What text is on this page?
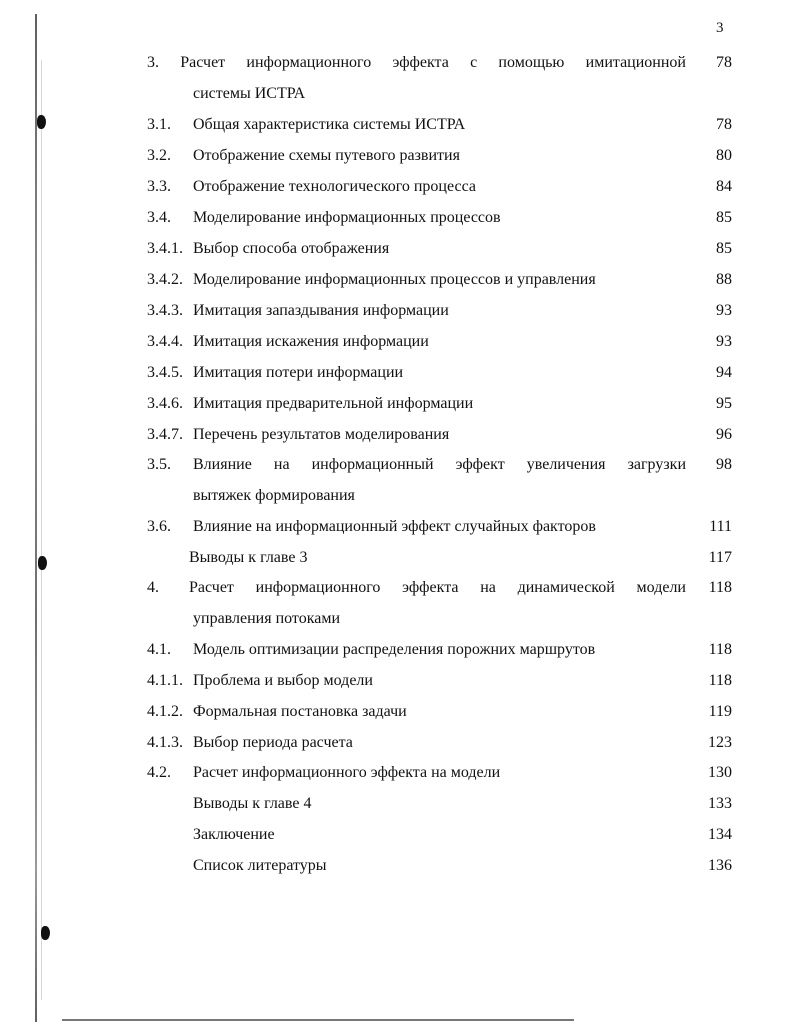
3
3. Расчет информационного эффекта с помощью имитационной	78
системы ИСТРА
3.1. Общая характеристика системы ИСТРА	78
3.2. Отображение схемы путевого развития	80
3.3. Отображение технологического процесса	84
3.4. Моделирование информационных процессов	85
3.4.1. Выбор способа отображения	85
3.4.2. Моделирование информационных процессов и управления	88
3.4.3. Имитация запаздывания информации	93
3.4.4. Имитация искажения информации	93
3.4.5. Имитация потери информации	94
3.4.6. Имитация предварительной информации	95
3.4.7. Перечень результатов моделирования	96
3.5. Влияние на информационный эффект увеличения загрузки	98
вытяжек формирования
3.6. Влияние на информационный эффект случайных факторов	111
Выводы к главе 3	117
4. Расчет информационного эффекта на динамической модели	118
управления потоками
4.1. Модель оптимизации распределения порожних маршрутов	118
4.1.1. Проблема и выбор модели	118
4.1.2. Формальная постановка задачи	119
4.1.3. Выбор периода расчета	123
4.2. Расчет информационного эффекта на модели	130
Выводы к главе 4	133
Заключение	134
Список литературы	136
